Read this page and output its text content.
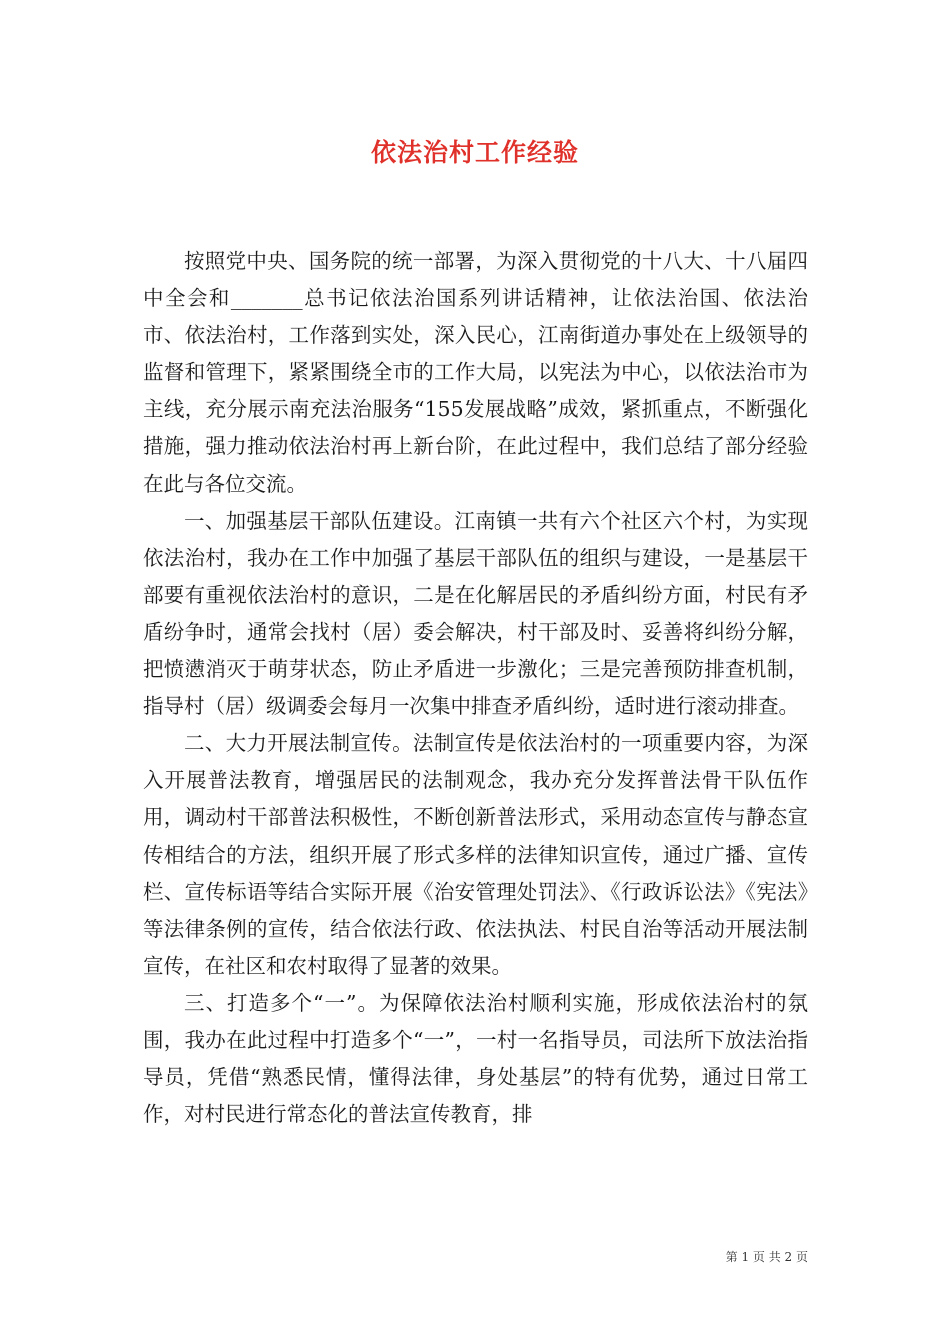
依法治村工作经验

按照党中央、国务院的统一部署，为深入贯彻党的十八大、十八届四中全会和_______总书记依法治国系列讲话精神，让依法治国、依法治市、依法治村，工作落到实处，深入民心，江南街道办事处在上级领导的监督和管理下，紧紧围绕全市的工作大局，以宪法为中心，以依法治市为主线，充分展示南充法治服务“155发展战略”成效，紧抓重点，不断强化措施，强力推动依法治村再上新台阶，在此过程中，我们总结了部分经验在此与各位交流。

一、加强基层干部队伍建设。江南镇一共有六个社区六个村，为实现依法治村，我办在工作中加强了基层干部队伍的组织与建设，一是基层干部要有重视依法治村的意识，二是在化解居民的矛盾纠纷方面，村民有矛盾纷争时，通常会找村（居）委会解决，村干部及时、妥善将纠纷分解，把愤懑消灭于萌芽状态，防止矛盾进一步激化；三是完善预防排查机制，指导村（居）级调委会每月一次集中排查矛盾纠纷，适时进行滚动排查。

二、大力开展法制宣传。法制宣传是依法治村的一项重要内容，为深入开展普法教育，增强居民的法制观念，我办充分发挥普法骨干队伍作用，调动村干部普法积极性，不断创新普法形式，采用动态宣传与静态宣传相结合的方法，组织开展了形式多样的法律知识宣传，通过广播、宣传栏、宣传标语等结合实际开展《治安管理处罚法》、《行政诉讼法》《宪法》等法律条例的宣传，结合依法行政、依法执法、村民自治等活动开展法制宣传，在社区和农村取得了显著的效果。

三、打造多个“一”。为保障依法治村顺利实施，形成依法治村的氛围，我办在此过程中打造多个“一”，一村一名指导员，司法所下放法治指导员，凭借“熟悉民情，懂得法律，身处基层”的特有优势，通过日常工作，对村民进行常态化的普法宣传教育，排

第 1 页 共 2 页
